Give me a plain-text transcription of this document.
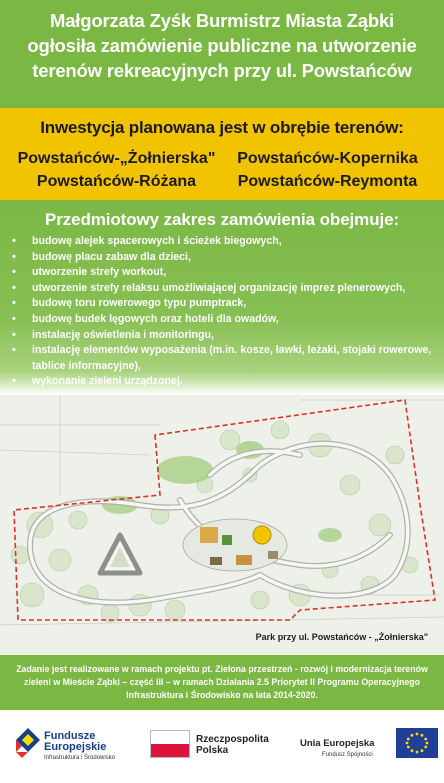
Małgorzata Zyśk Burmistrz Miasta Ząbki
ogłosiła zamówienie publiczne na utworzenie
terenów rekreacyjnych przy ul. Powstańców
Inwestycja planowana jest w obrębie terenów:
Powstańców-„Żołnierska"	Powstańców-Kopernika
Powstańców-Różana	Powstańców-Reymonta
Przedmiotowy zakres zamówienia obejmuje:
• budowę alejek spacerowych i ścieżek biegowych,
• budowę placu zabaw dla dzieci,
• utworzenie strefy workout,
• utworzenie strefy relaksu umożliwiającej organizację imprez plenerowych,
• budowę toru rowerowego typu pumptrack,
• budowę budek lęgowych oraz hoteli dla owadów,
• instalację oświetlenia i monitoringu,
• instalację elementów wyposażenia (m.in. kosze, ławki, leżaki, stojaki rowerowe, tablice informacyjne),
• wykonanie zieleni urządzonej.
Park przy ul. Powstańców - „Żołnierska"
Zadanie jest realizowane w ramach projektu pt. Zielona przestrzeń - rozwój i modernizacja terenów zieleni w Mieście Ząbki – część III – w ramach Działania 2.5 Priorytet II Programu Operacyjnego Infrastruktura i Środowisko na lata 2014-2020.
Fundusze
Europejskie
Infrastruktura i Środowisko
Rzeczpospolita
Polska
Unia Europejska
Fundusz Spójności
